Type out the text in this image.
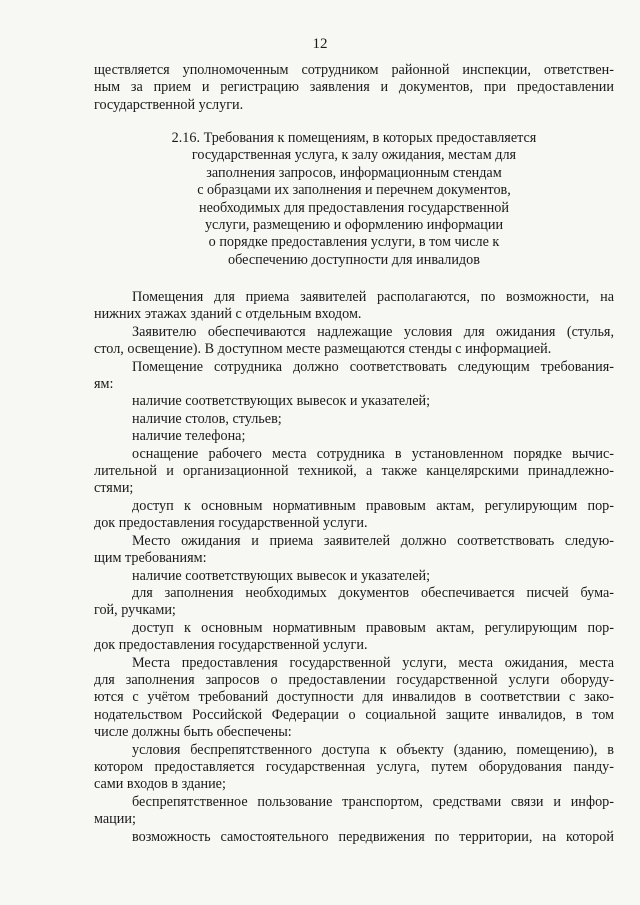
12
ществляется уполномоченным сотрудником районной инспекции, ответствен-
ным за прием и регистрацию заявления и документов, при предоставлении
государственной услуги.
2.16. Требования к помещениям, в которых предоставляется
государственная услуга, к залу ожидания, местам для
заполнения запросов, информационным стендам
с образцами их заполнения и перечнем документов,
необходимых для предоставления государственной
услуги, размещению и оформлению информации
о порядке предоставления услуги, в том числе к
обеспечению доступности для инвалидов
Помещения для приема заявителей располагаются, по возможности, на
нижних этажах зданий с отдельным входом.
Заявителю обеспечиваются надлежащие условия для ожидания (стулья,
стол, освещение). В доступном месте размещаются стенды с информацией.
Помещение сотрудника должно соответствовать следующим требования-
ям:
наличие соответствующих вывесок и указателей;
наличие столов, стульев;
наличие телефона;
оснащение рабочего места сотрудника в установленном порядке вычис-
лительной и организационной техникой, а также канцелярскими принадлежно-
стями;
доступ к основным нормативным правовым актам, регулирующим пор-
док предоставления государственной услуги.
Место ожидания и приема заявителей должно соответствовать следую-
щим требованиям:
наличие соответствующих вывесок и указателей;
для заполнения необходимых документов обеспечивается писчей бума-
гой, ручками;
доступ к основным нормативным правовым актам, регулирующим пор-
док предоставления государственной услуги.
Места предоставления государственной услуги, места ожидания, места
для заполнения запросов о предоставлении государственной услуги оборуду-
ются с учётом требований доступности для инвалидов в соответствии с зако-
нодательством Российской Федерации о социальной защите инвалидов, в том
числе должны быть обеспечены:
условия беспрепятственного доступа к объекту (зданию, помещению), в
котором предоставляется государственная услуга, путем оборудования панду-
сами входов в здание;
беспрепятственное пользование транспортом, средствами связи и инфор-
мации;
возможность самостоятельного передвижения по территории, на которой
